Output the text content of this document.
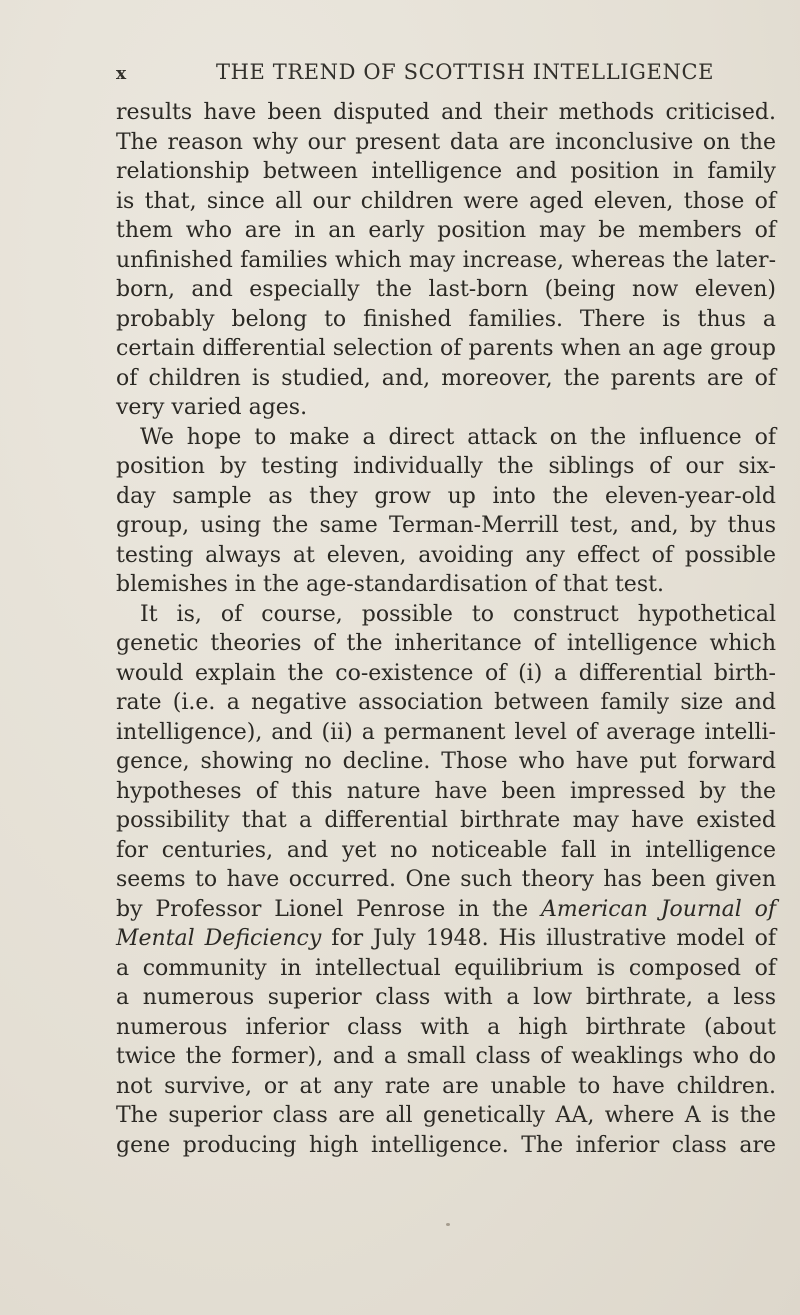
x	THE TREND OF SCOTTISH INTELLIGENCE
results have been disputed and their methods criticised.
The reason why our present data are inconclusive on the
relationship between intelligence and position in family
is that, since all our children were aged eleven, those of
them who are in an early position may be members of
unfinished families which may increase, whereas the later-
born, and especially the last-born (being now eleven)
probably belong to finished families. There is thus a
certain differential selection of parents when an age group
of children is studied, and, moreover, the parents are of
very varied ages.
We hope to make a direct attack on the influence of
position by testing individually the siblings of our six-
day sample as they grow up into the eleven-year-old
group, using the same Terman-Merrill test, and, by thus
testing always at eleven, avoiding any effect of possible
blemishes in the age-standardisation of that test.
It is, of course, possible to construct hypothetical
genetic theories of the inheritance of intelligence which
would explain the co-existence of (i) a differential birth-
rate (i.e. a negative association between family size and
intelligence), and (ii) a permanent level of average intelli-
gence, showing no decline. Those who have put forward
hypotheses of this nature have been impressed by the
possibility that a differential birthrate may have existed
for centuries, and yet no noticeable fall in intelligence
seems to have occurred. One such theory has been given
by Professor Lionel Penrose in the American Journal of
Mental Deficiency for July 1948. His illustrative model of
a community in intellectual equilibrium is composed of
a numerous superior class with a low birthrate, a less
numerous inferior class with a high birthrate (about
twice the former), and a small class of weaklings who do
not survive, or at any rate are unable to have children.
The superior class are all genetically AA, where A is the
gene producing high intelligence. The inferior class are
